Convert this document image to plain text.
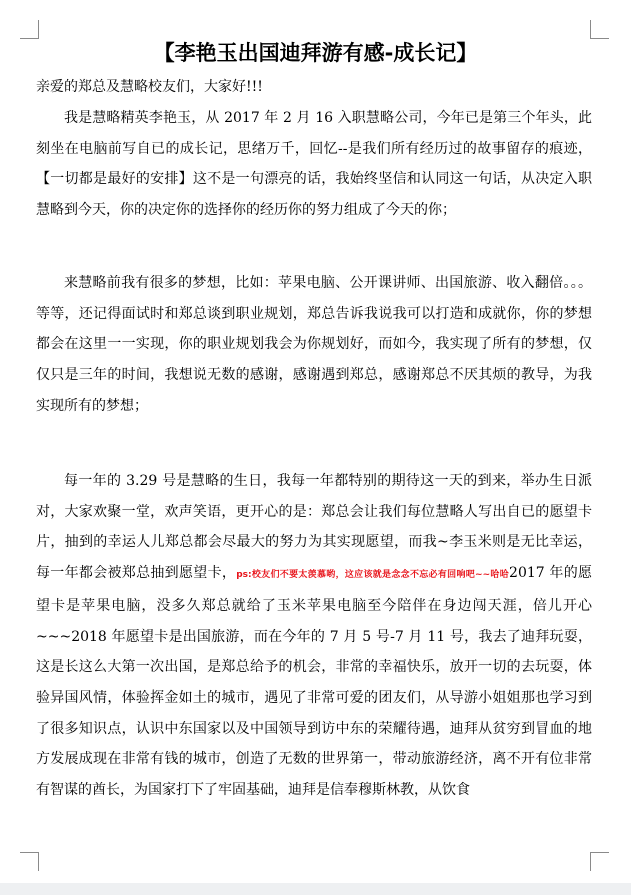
【李艳玉出国迪拜游有感-成长记】
亲爱的郑总及慧略校友们，大家好!!!
我是慧略精英李艳玉，从 2017 年 2 月 16 入职慧略公司，今年已是第三个年头，此刻坐在电脑前写自已的成长记，思绪万千，回忆--是我们所有经历过的故事留存的痕迹，【一切都是最好的安排】这不是一句漂亮的话，我始终坚信和认同这一句话，从决定入职慧略到今天，你的决定你的选择你的经历你的努力组成了今天的你；
来慧略前我有很多的梦想，比如：苹果电脑、公开课讲师、出国旅游、收入翻倍。。。等等，还记得面试时和郑总谈到职业规划，郑总告诉我说我可以打造和成就你，你的梦想都会在这里一一实现，你的职业规划我会为你规划好，而如今，我实现了所有的梦想，仅仅只是三年的时间，我想说无数的感谢，感谢遇到郑总，感谢郑总不厌其烦的教导，为我实现所有的梦想；
每一年的 3.29 号是慧略的生日，我每一年都特别的期待这一天的到来，举办生日派对，大家欢聚一堂，欢声笑语，更开心的是：郑总会让我们每位慧略人写出自已的愿望卡片，抽到的幸运人儿郑总都会尽最大的努力为其实现愿望，而我~李玉米则是无比幸运，每一年都会被郑总抽到愿望卡，ps:校友们不要太羡慕哟，这应该就是念念不忘必有回响吧~~哈哈2017 年的愿望卡是苹果电脑，没多久郑总就给了玉米苹果电脑至今陪伴在身边闯天涯，倍儿开心~~~2018 年愿望卡是出国旅游，而在今年的 7 月 5 号-7 月 11 号，我去了迪拜玩耍，这是长这么大第一次出国，是郑总给予的机会，非常的幸福快乐，放开一切的去玩耍，体验异国风情，体验挥金如土的城市，遇见了非常可爱的团友们，从导游小姐姐那也学习到了很多知识点，认识中东国家以及中国领导到访中东的荣耀待遇，迪拜从贫穷到冒血的地方发展成现在非常有钱的城市，创造了无数的世界第一，带动旅游经济，离不开有位非常有智谋的酋长，为国家打下了牢固基础，迪拜是信奉穆斯林教，从饮食
